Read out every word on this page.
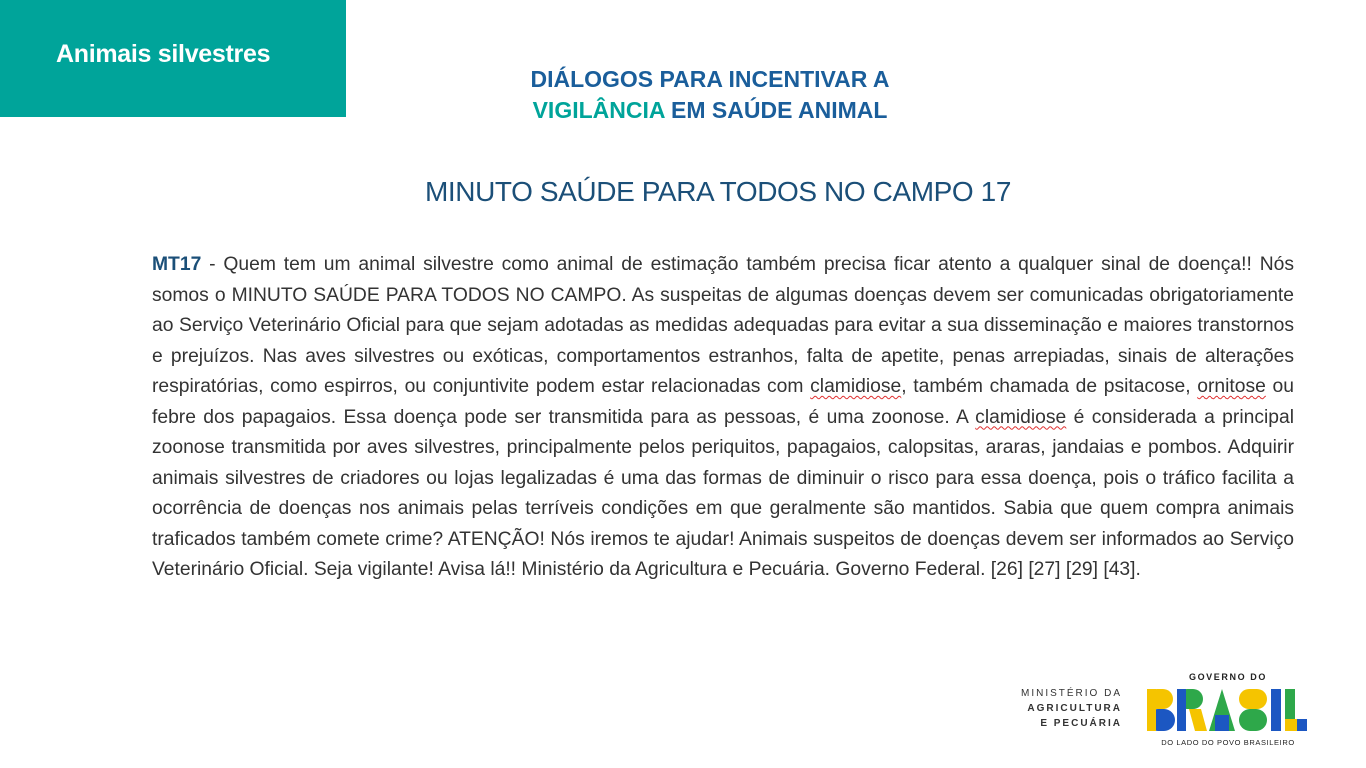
Animais silvestres
DIÁLOGOS PARA INCENTIVAR A
VIGILÂNCIA EM SAÚDE ANIMAL
MINUTO SAÚDE PARA TODOS NO CAMPO 17

MT17 - Quem tem um animal silvestre como animal de estimação também precisa ficar atento a qualquer sinal de doença!! Nós somos o MINUTO SAÚDE PARA TODOS NO CAMPO. As suspeitas de algumas doenças devem ser comunicadas obrigatoriamente ao Serviço Veterinário Oficial para que sejam adotadas as medidas adequadas para evitar a sua disseminação e maiores transtornos e prejuízos. Nas aves silvestres ou exóticas, comportamentos estranhos, falta de apetite, penas arrepiadas, sinais de alterações respiratórias, como espirros, ou conjuntivite podem estar relacionadas com clamidiose, também chamada de psitacose, ornitose ou febre dos papagaios. Essa doença pode ser transmitida para as pessoas, é uma zoonose. A clamidiose é considerada a principal zoonose transmitida por aves silvestres, principalmente pelos periquitos, papagaios, calopsitas, araras, jandaias e pombos. Adquirir animais silvestres de criadores ou lojas legalizadas é uma das formas de diminuir o risco para essa doença, pois o tráfico facilita a ocorrência de doenças nos animais pelas terríveis condições em que geralmente são mantidos. Sabia que quem compra animais traficados também comete crime? ATENÇÃO! Nós iremos te ajudar! Animais suspeitos de doenças devem ser informados ao Serviço Veterinário Oficial. Seja vigilante! Avisa lá!! Ministério da Agricultura e Pecuária. Governo Federal. [26] [27] [29] [43].

MINISTÉRIO DA
AGRICULTURA
E PECUÁRIA
GOVERNO DO
DO LADO DO POVO BRASILEIRO
